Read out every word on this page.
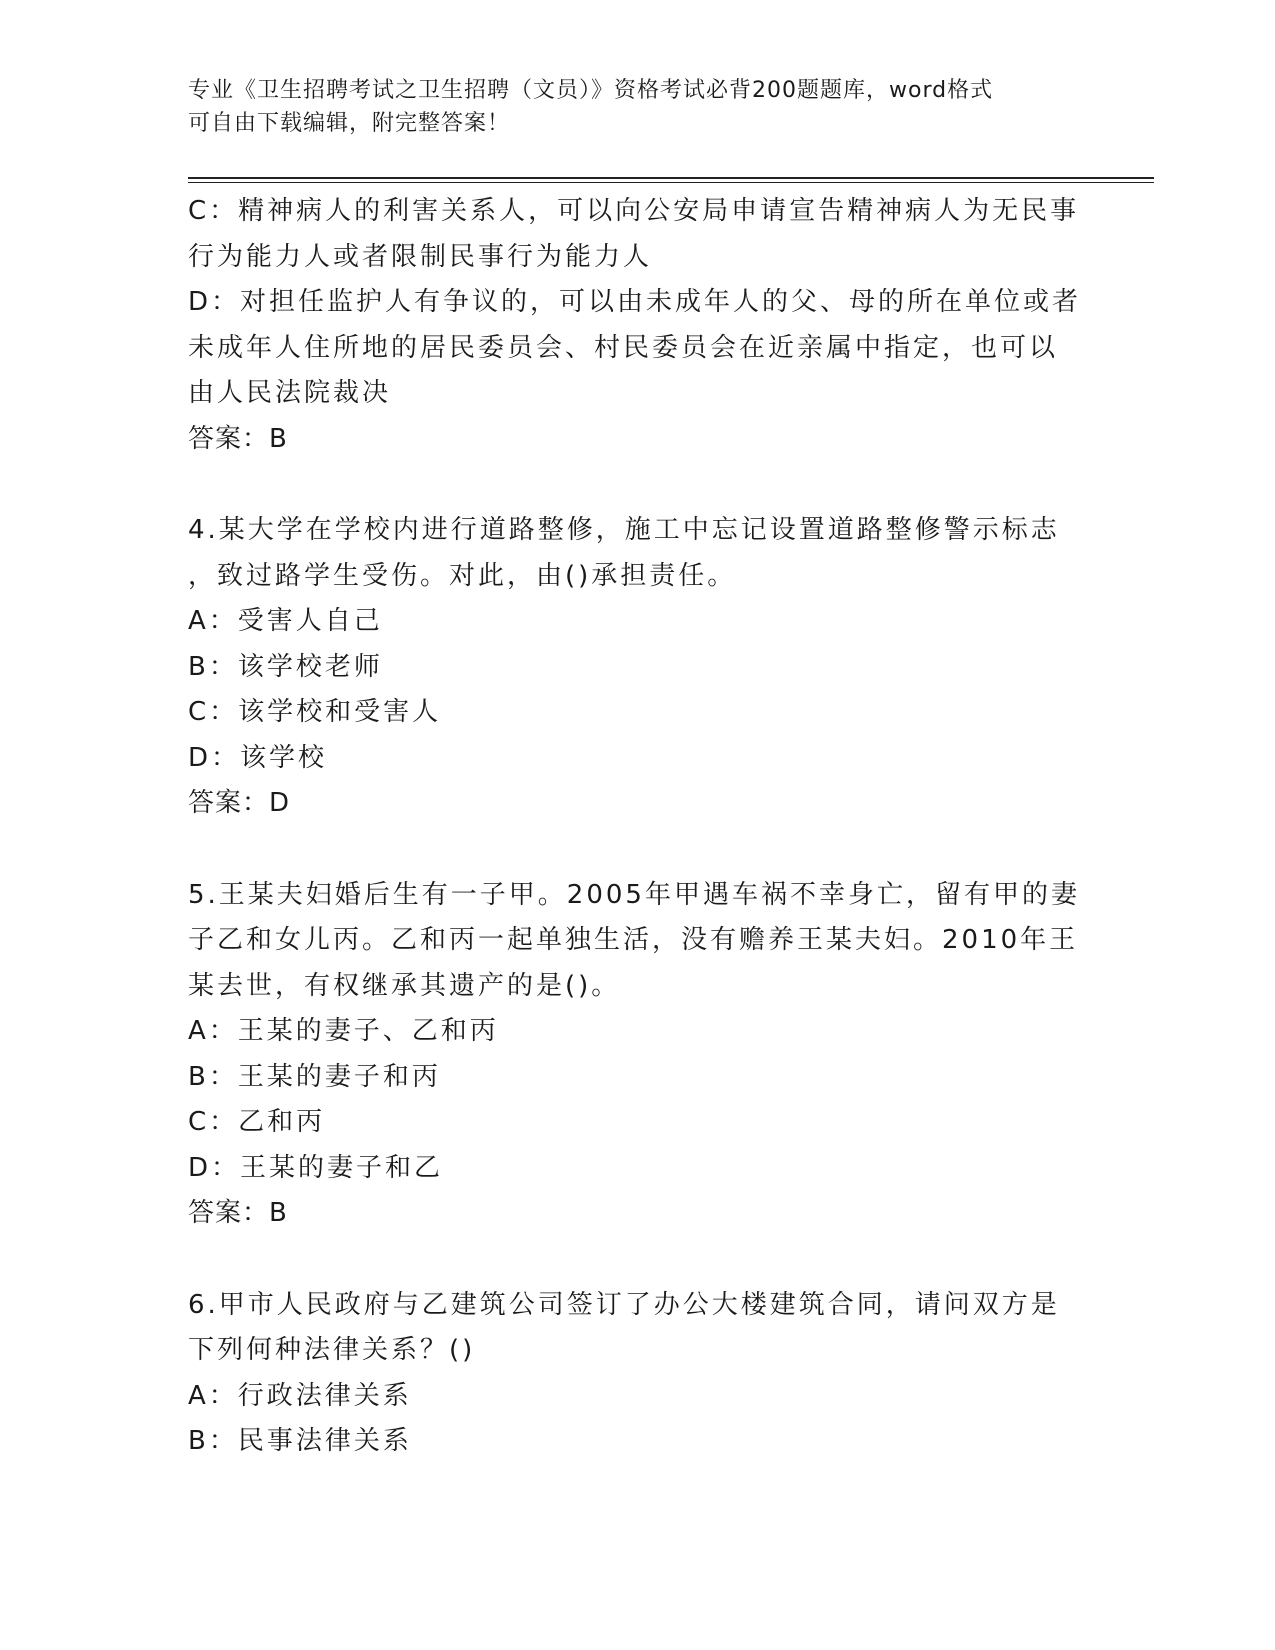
专业《卫生招聘考试之卫生招聘（文员）》资格考试必背200题题库，word格式
可自由下载编辑，附完整答案！
C：精神病人的利害关系人，可以向公安局申请宣告精神病人为无民事
行为能力人或者限制民事行为能力人
D：对担任监护人有争议的，可以由未成年人的父、母的所在单位或者
未成年人住所地的居民委员会、村民委员会在近亲属中指定，也可以
由人民法院裁决
答案：B
4.某大学在学校内进行道路整修，施工中忘记设置道路整修警示标志
，致过路学生受伤。对此，由()承担责任。
A：受害人自己
B：该学校老师
C：该学校和受害人
D：该学校
答案：D
5.王某夫妇婚后生有一子甲。2005年甲遇车祸不幸身亡，留有甲的妻
子乙和女儿丙。乙和丙一起单独生活，没有赡养王某夫妇。2010年王
某去世，有权继承其遗产的是()。
A：王某的妻子、乙和丙
B：王某的妻子和丙
C：乙和丙
D：王某的妻子和乙
答案：B
6.甲市人民政府与乙建筑公司签订了办公大楼建筑合同，请问双方是
下列何种法律关系？()
A：行政法律关系
B：民事法律关系
